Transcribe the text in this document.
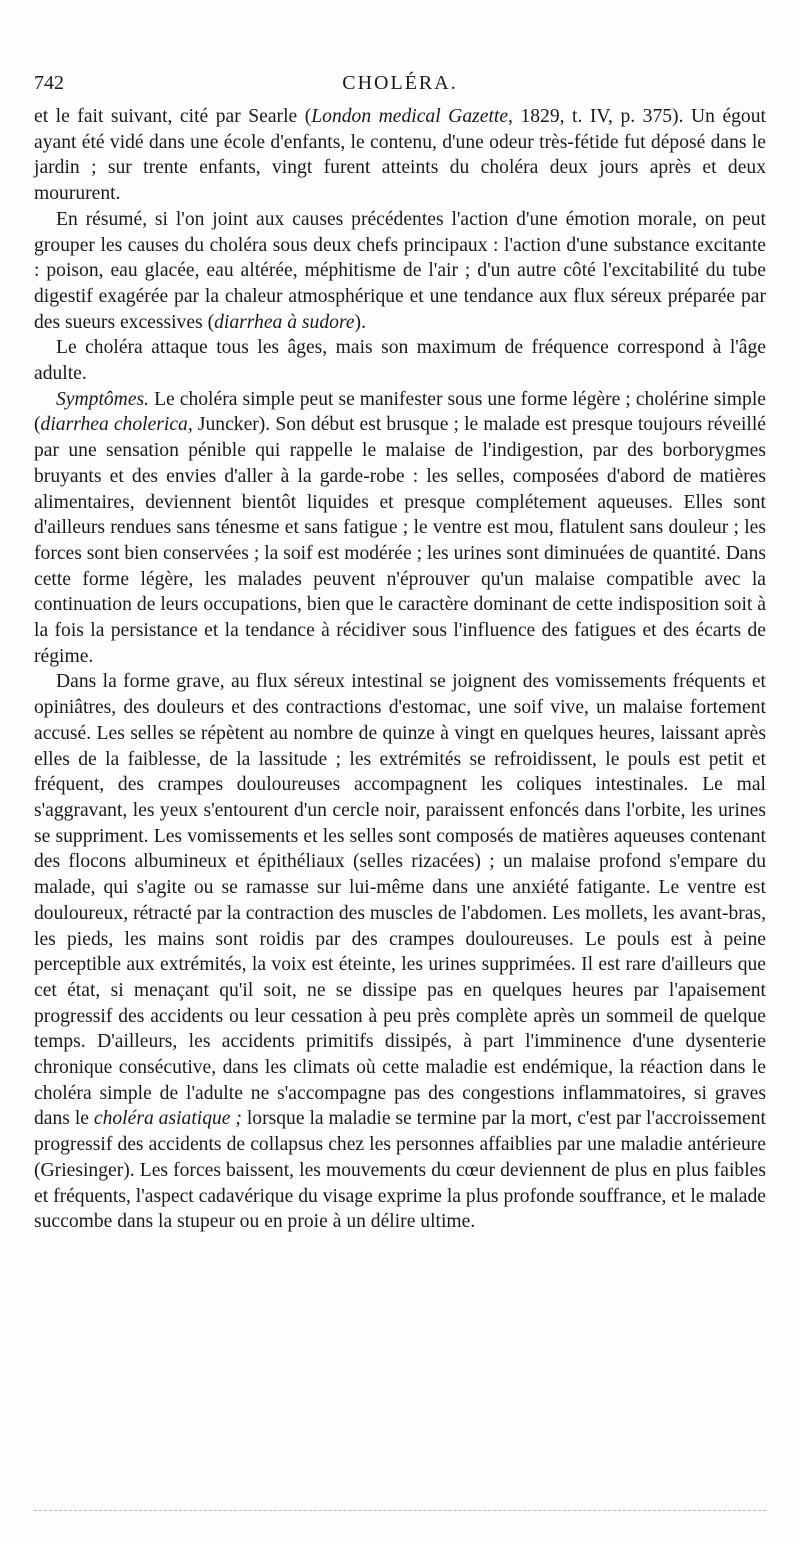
742	CHOLÉRA.

et le fait suivant, cité par Searle (London medical Gazette, 1829, t. IV, p. 375). Un égout ayant été vidé dans une école d'enfants, le contenu, d'une odeur très-fétide fut déposé dans le jardin ; sur trente enfants, vingt furent atteints du choléra deux jours après et deux moururent.

En résumé, si l'on joint aux causes précédentes l'action d'une émotion morale, on peut grouper les causes du choléra sous deux chefs principaux : l'action d'une substance excitante : poison, eau glacée, eau altérée, méphitisme de l'air ; d'un autre côté l'excitabilité du tube digestif exagérée par la chaleur atmosphérique et une tendance aux flux séreux préparée par des sueurs excessives (diarrhea à sudore).

Le choléra attaque tous les âges, mais son maximum de fréquence correspond à l'âge adulte.

Symptômes. Le choléra simple peut se manifester sous une forme légère ; cholérine simple (diarrhea cholerica, Juncker). Son début est brusque ; le malade est presque toujours réveillé par une sensation pénible qui rappelle le malaise de l'indigestion, par des borborygmes bruyants et des envies d'aller à la garde-robe : les selles, composées d'abord de matières alimentaires, deviennent bientôt liquides et presque complétement aqueuses. Elles sont d'ailleurs rendues sans ténesme et sans fatigue ; le ventre est mou, flatulent sans douleur ; les forces sont bien conservées ; la soif est modérée ; les urines sont diminuées de quantité. Dans cette forme légère, les malades peuvent n'éprouver qu'un malaise compatible avec la continuation de leurs occupations, bien que le caractère dominant de cette indisposition soit à la fois la persistance et la tendance à récidiver sous l'influence des fatigues et des écarts de régime.

Dans la forme grave, au flux séreux intestinal se joignent des vomissements fréquents et opiniâtres, des douleurs et des contractions d'estomac, une soif vive, un malaise fortement accusé. Les selles se répètent au nombre de quinze à vingt en quelques heures, laissant après elles de la faiblesse, de la lassitude ; les extrémités se refroidissent, le pouls est petit et fréquent, des crampes douloureuses accompagnent les coliques intestinales. Le mal s'aggravant, les yeux s'entourent d'un cercle noir, paraissent enfoncés dans l'orbite, les urines se suppriment. Les vomissements et les selles sont composés de matières aqueuses contenant des flocons albumineux et épithéliaux (selles rizacées) ; un malaise profond s'empare du malade, qui s'agite ou se ramasse sur lui-même dans une anxiété fatigante. Le ventre est douloureux, rétracté par la contraction des muscles de l'abdomen. Les mollets, les avant-bras, les pieds, les mains sont roidis par des crampes douloureuses. Le pouls est à peine perceptible aux extrémités, la voix est éteinte, les urines supprimées. Il est rare d'ailleurs que cet état, si menaçant qu'il soit, ne se dissipe pas en quelques heures par l'apaisement progressif des accidents ou leur cessation à peu près complète après un sommeil de quelque temps. D'ailleurs, les accidents primitifs dissipés, à part l'imminence d'une dysenterie chronique consécutive, dans les climats où cette maladie est endémique, la réaction dans le choléra simple de l'adulte ne s'accompagne pas des congestions inflammatoires, si graves dans le choléra asiatique ; lorsque la maladie se termine par la mort, c'est par l'accroissement progressif des accidents de collapsus chez les personnes affaiblies par une maladie antérieure (Griesinger). Les forces baissent, les mouvements du cœur deviennent de plus en plus faibles et fréquents, l'aspect cadavérique du visage exprime la plus profonde souffrance, et le malade succombe dans la stupeur ou en proie à un délire ultime.
